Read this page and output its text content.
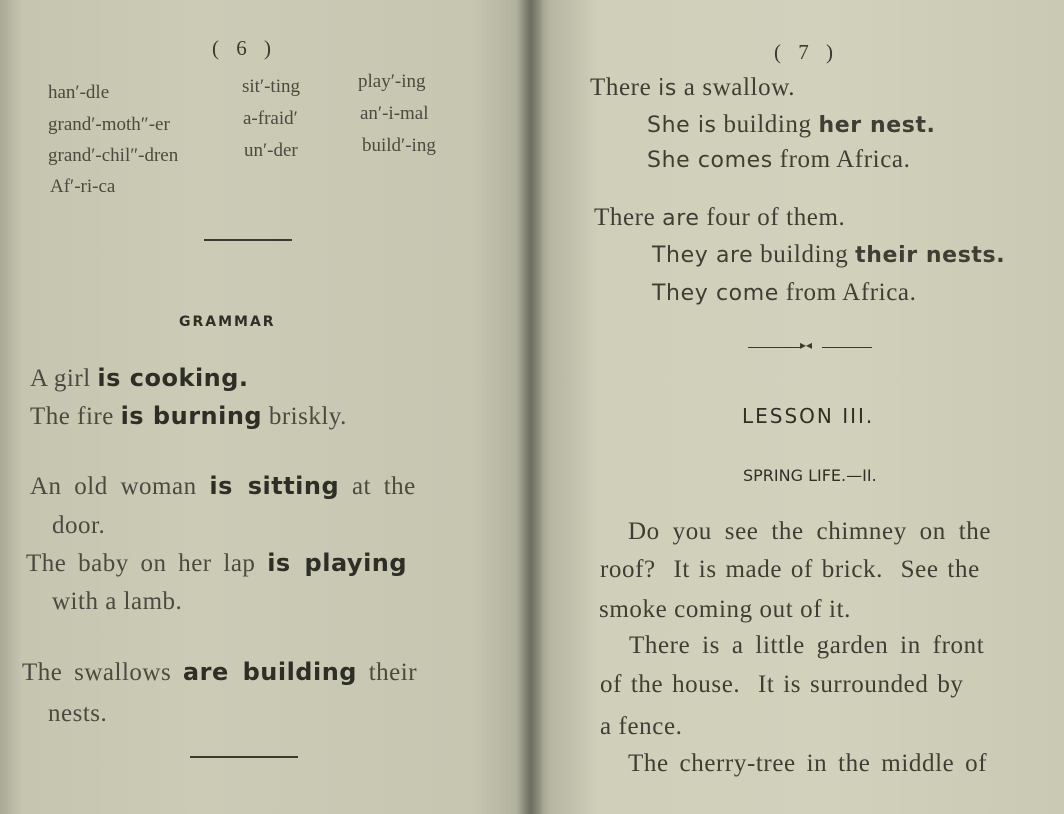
( 6 )
han′-dle	sit′-ting	play′-ing
grand′-moth″-er	a-fraid′	an′-i-mal
grand′-chil″-dren	un′-der	build′-ing
Af′-ri-ca
GRAMMAR
A girl is cooking.
The fire is burning briskly.
An old woman is sitting at the
door.
The baby on her lap is playing
with a lamb.
The swallows are building their
nests.
( 7 )
There is a swallow.
She is building her nest.
She comes from Africa.
There are four of them.
They are building their nests.
They come from Africa.
▸◂
LESSON III.
SPRING LIFE.—II.
Do you see the chimney on the
roof?  It is made of brick.  See the
smoke coming out of it.
There is a little garden in front
of the house.  It is surrounded by
a fence.
The cherry-tree in the middle of
